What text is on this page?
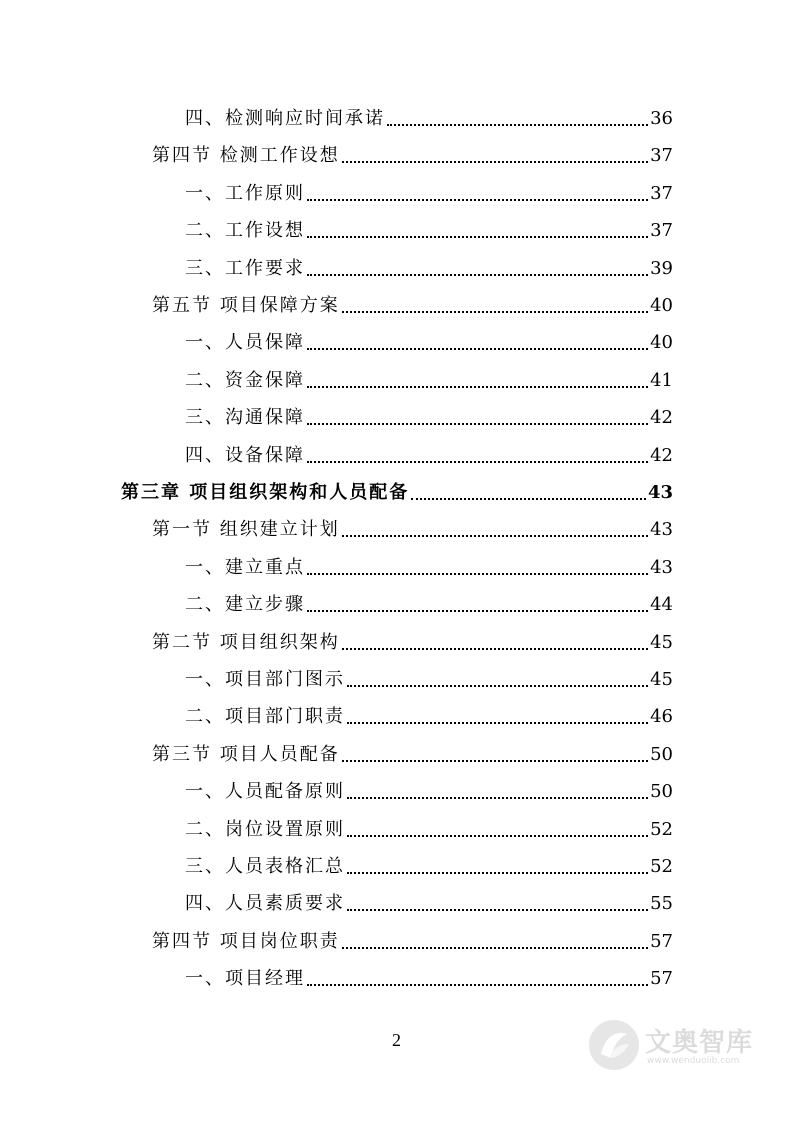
四、检测响应时间承诺	36
第四节 检测工作设想	37
一、工作原则	37
二、工作设想	37
三、工作要求	39
第五节 项目保障方案	40
一、人员保障	40
二、资金保障	41
三、沟通保障	42
四、设备保障	42
第三章 项目组织架构和人员配备	43
第一节 组织建立计划	43
一、建立重点	43
二、建立步骤	44
第二节 项目组织架构	45
一、项目部门图示	45
二、项目部门职责	46
第三节 项目人员配备	50
一、人员配备原则	50
二、岗位设置原则	52
三、人员表格汇总	52
四、人员素质要求	55
第四节 项目岗位职责	57
一、项目经理	57
2	文奥智库
www.wenduolib.com
